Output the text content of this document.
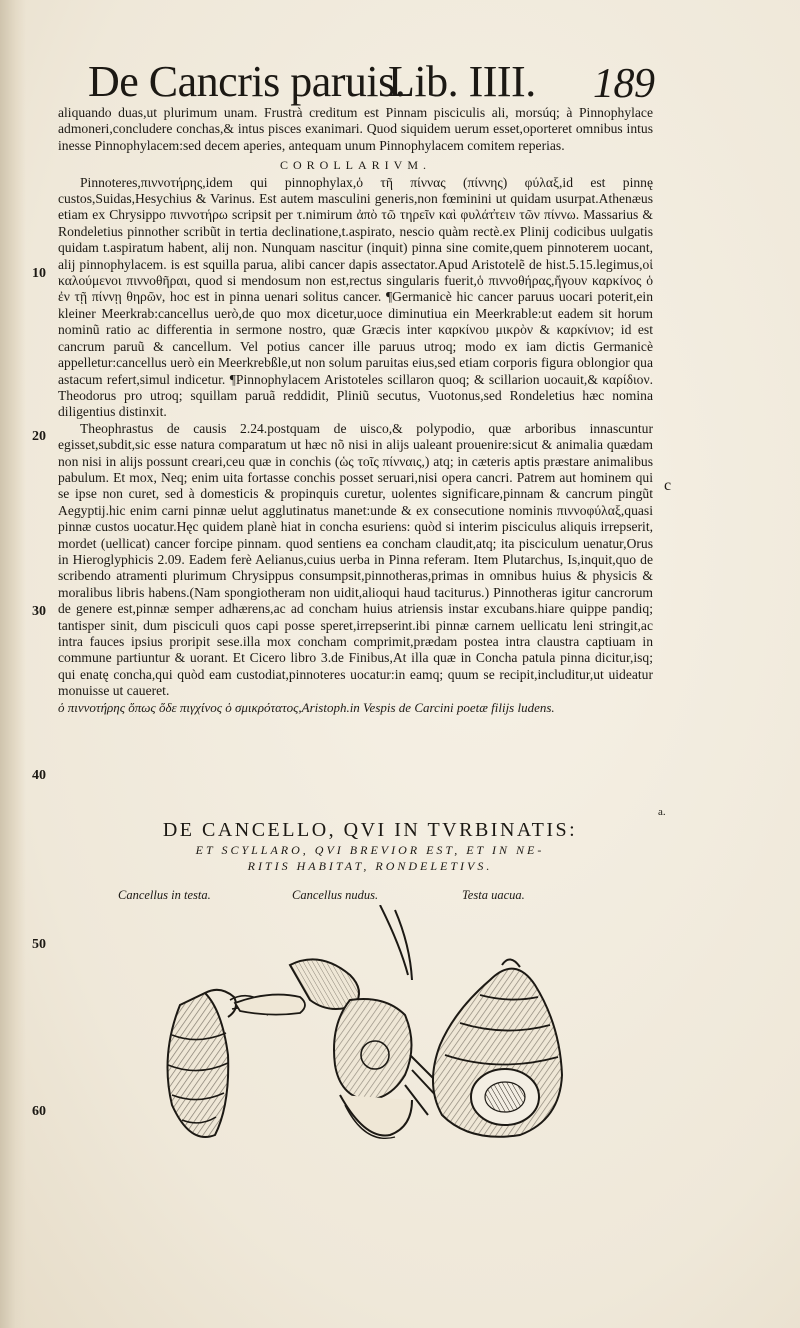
De Cancris paruis.
Lib. IIII. 189

aliquando duas,ut plurimum unam. Frustrà creditum est Pinnam pisciculis ali, morsúq; à Pinnophylace admoneri,concludere conchas,& intus pisces exanimari. Quod siquidem uerum esset,oporteret omnibus intus inesse Pinnophylacem:sed decem aperies, antequam unum Pinnophylacem comitem reperias.

COROLLARIVM.

Pinnoteres,πιννοτήρης,idem qui pinnophylax,ὁ τῆ πίννας (πίννης) φύλαξ,id est pinnę custos,Suidas,Hesychius & Varinus. Est autem masculini generis,non fœminini ut quidam usurpat.Athenæus etiam ex Chrysippo πιννοτήρω scripsit per τ.nimirum ἀπὸ τῶ τηρεῖν καὶ φυλάτ̓τειν τῶν πίννω. Massarius & Rondeletius pinnother scribũt in tertia declinatione,t.aspirato, nescio quàm rectè.ex Plinij codicibus uulgatis quidam t.aspiratum habent, alij non. Nunquam nascitur (inquit) pinna sine comite,quem pinnoterem uocant, alij pinnophylacem. is est squilla parua, alibi cancer dapis assectator.Apud Aristotelẽ de hist.5.15.legimus,οἱ καλούμενοι πιννοθῆραι, quod si mendosum non est,rectus singularis fuerit,ὁ πιννοθήρας,ἤγουν καρκίνος ὁ ἐν τῇ πίννῃ θηρῶν, hoc est in pinna uenari solitus cancer. ¶Germanicè hic cancer paruus uocari poterit,ein kleiner Meerkrab:cancellus uerò,de quo mox dicetur,uoce diminutiua ein Meerkrable:ut eadem sit horum nominũ ratio ac differentia in sermone nostro, quæ Græcis inter καρκίνου μικρὸν & καρκίνιον; id est cancrum paruũ & cancellum. Vel potius cancer ille paruus utroq; modo ex iam dictis Germanicè appelletur:cancellus uerò ein Meerkrebßle,ut non solum paruitas eius,sed etiam corporis figura oblongior qua astacum refert,simul indicetur. ¶Pinnophylacem Aristoteles scillaron quoq; & scillarion uocauit,& καρίδιον. Theodorus pro utroq; squillam paruã reddidit, Pliniũ secutus, Vuotonus,sed Rondeletius hæc nomina diligentius distinxit.

Theophrastus de causis 2.24.postquam de uisco,& polypodio, quæ arboribus innascuntur egisset,subdit,sic esse natura comparatum ut hæc nõ nisi in alijs ualeant prouenire:sicut & animalia quædam non nisi in alijs possunt creari,ceu quæ in conchis (ὡς τοῖς πίνναις,) atq; in cæteris aptis præstare animalibus pabulum. Et mox, Neq; enim uita fortasse conchis posset seruari,nisi opera cancri. Patrem aut hominem qui se ipse non curet, sed à domesticis & propinquis curetur, uolentes significare,pinnam & cancrum pingũt Aegyptij.hic enim carni pinnæ uelut agglutinatus manet:unde & ex consecutione nominis πιννοφύλαξ,quasi pinnæ custos uocatur.Hęc quidem planè hiat in concha esuriens: quòd si interim pisciculus aliquis irrepserit, mordet (uellicat) cancer forcipe pinnam. quod sentiens ea concham claudit,atq; ita pisciculum uenatur,Orus in Hieroglyphicis 2.09. Eadem ferè Aelianus,cuius uerba in Pinna referam. Item Plutarchus, Is,inquit,quo de scribendo atramenti plurimum Chrysippus consumpsit,pinnotheras,primas in omnibus huius & physicis & moralibus libris habens.(Nam spongiotheram non uidit,alioqui haud taciturus.) Pinnotheras igitur cancrorum de genere est,pinnæ semper adhærens,ac ad concham huius atriensis instar excubans.hiare quippe pandiq; tantisper sinit, dum pisciculi quos capi posse speret,irrepserint.ibi pinnæ carnem uellicatu leni stringit,ac intra fauces ipsius proripit sese.illa mox concham comprimit,prædam postea intra claustra captiuam in commune partiuntur & uorant. Et Cicero libro 3.de Finibus,At illa quæ in Concha patula pinna dicitur,isq; qui enatę concha,qui quòd eam custodiat,pinnoteres uocatur:in eamq; quum se recipit,includitur,ut uideatur monuisse ut caueret.

ὁ πιννοτήρης ὅπως ὅδε πιγχίνος ὁ σμικρότατος,Aristoph.in Vespis de Carcini poetæ filijs ludens.

10
20
30
40
50
60
c
a.
DE CANCELLO, QVI IN TVRBINATIS:
ET SCYLLARO, QVI BREVIOR EST, ET IN NE-
RITIS HABITAT, RONDELETIVS.
Cancellus in testa.	Cancellus nudus.	Testa uacua.
